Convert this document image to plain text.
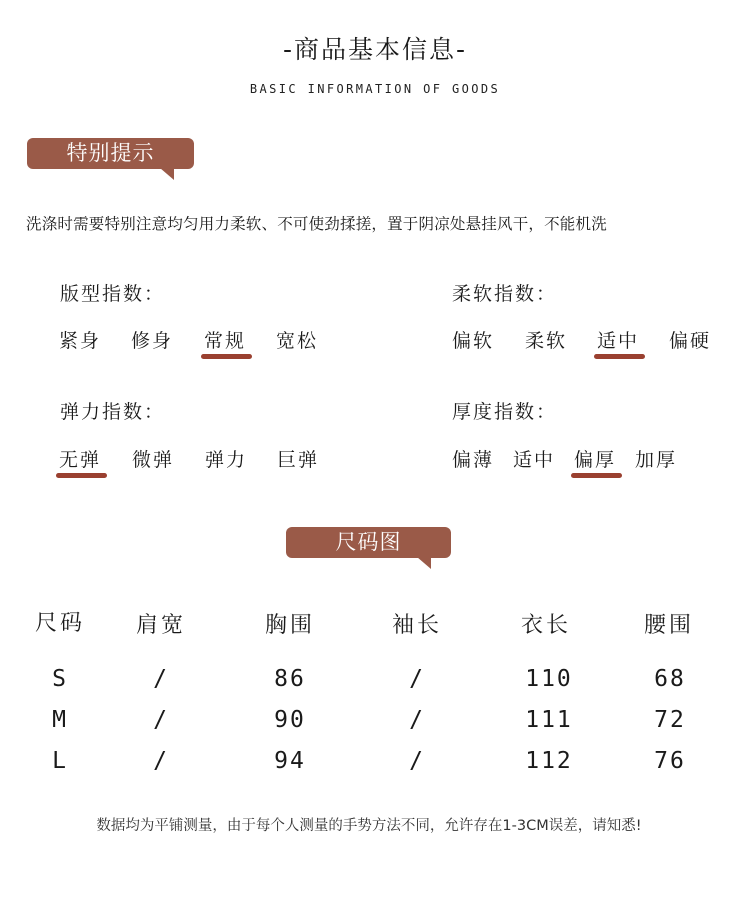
-商品基本信息-
BASIC INFORMATION OF GOODS
特别提示
洗涤时需要特别注意均匀用力柔软、不可使劲揉搓，置于阴凉处悬挂风干，不能机洗
版型指数：
紧身 修身 常规 宽松
柔软指数：
偏软 柔软 适中 偏硬
弹力指数：
无弹 微弹 弹力 巨弹
厚度指数：
偏薄 适中 偏厚 加厚
尺码图
尺码	肩宽	胸围	袖长	衣长	腰围
S	/	86	/	110	68
M	/	90	/	111	72
L	/	94	/	112	76
数据均为平铺测量，由于每个人测量的手势方法不同，允许存在1-3CM误差，请知悉!
